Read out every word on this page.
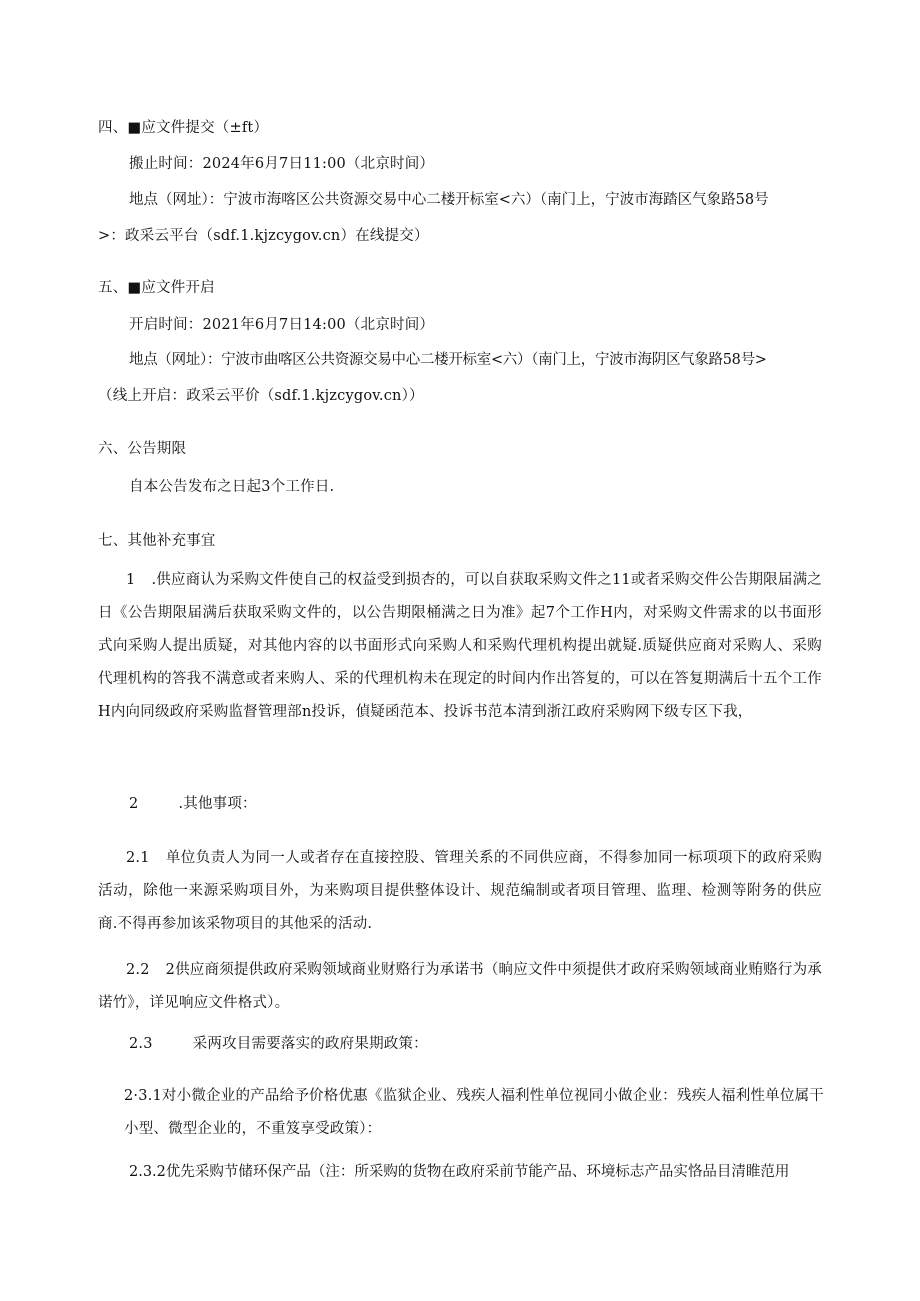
四、■应文件提交（±ft）
搬止时间：2024年6月7日11:00（北京时间）
地点（网址）：宁波市海喀区公共资源交易中心二楼开标室<六）（南门上，宁波市海踏区气象路58号
>：政采云平台（sdf.1.kjzcygov.cn）在线提交）
五、■应文件开启
开启时间：2021年6月7日14:00（北京时间）
地点（网址）：宁波市曲喀区公共资源交易中心二楼开标室<六）（南门上，宁波市海阴区气象路58号>
（线上开启：政采云平价（sdf.1.kjzcygov.cn））
六、公告期限
自本公告发布之日起3个工作日.
七、其他补充事宜
1 .供应商认为采购文件使自己的权益受到损杏的，可以自获取采购文件之11或者采购交件公告期限届满之日《公告期限届满后获取采购文件的，以公告期限桶满之日为准》起7个工作H内，对采购文件需求的以书面形式向采购人提出质疑，对其他内容的以书面形式向采购人和采购代理机构提出就疑.质疑供应商对采购人、采购代理机构的答我不满意或者来购人、采的代理机构未在现定的时间内作出答复的，可以在答复期满后十五个工作H内向同级政府采购监督管理部n投诉，偵疑函范本、投诉书范本清到浙江政府采购网下级专区下我，
2	.其他事项：
2.1 单位负责人为同一人或者存在直接控股、管理关系的不同供应商，不得参加同一标项项下的政府采购活动，除他一来源采购项目外，为来购项目提供整体设计、规范编制或者项目管理、监理、检测等附务的供应商.不得再参加该采物项目的其他采的活动.
2.2 2供应商须提供政府采购领域商业财赂行为承诺书（晌应文件中须提供才政府采购领域商业贿赂行为承诺竹》，详见响应文件格式）。
2.3	采两攻目需要落实的政府果期政策：
2·3.1对小微企业的产品给予价格优惠《监狱企业、残疾人福利性单位视同小做企业：残疾人福利性单位属干小型、微型企业的，不重笈享受政策）：
2.3.2优先采购节储环保产品（注：所采购的货物在政府采前节能产品、环境标志产品实恪品目清睢范用
